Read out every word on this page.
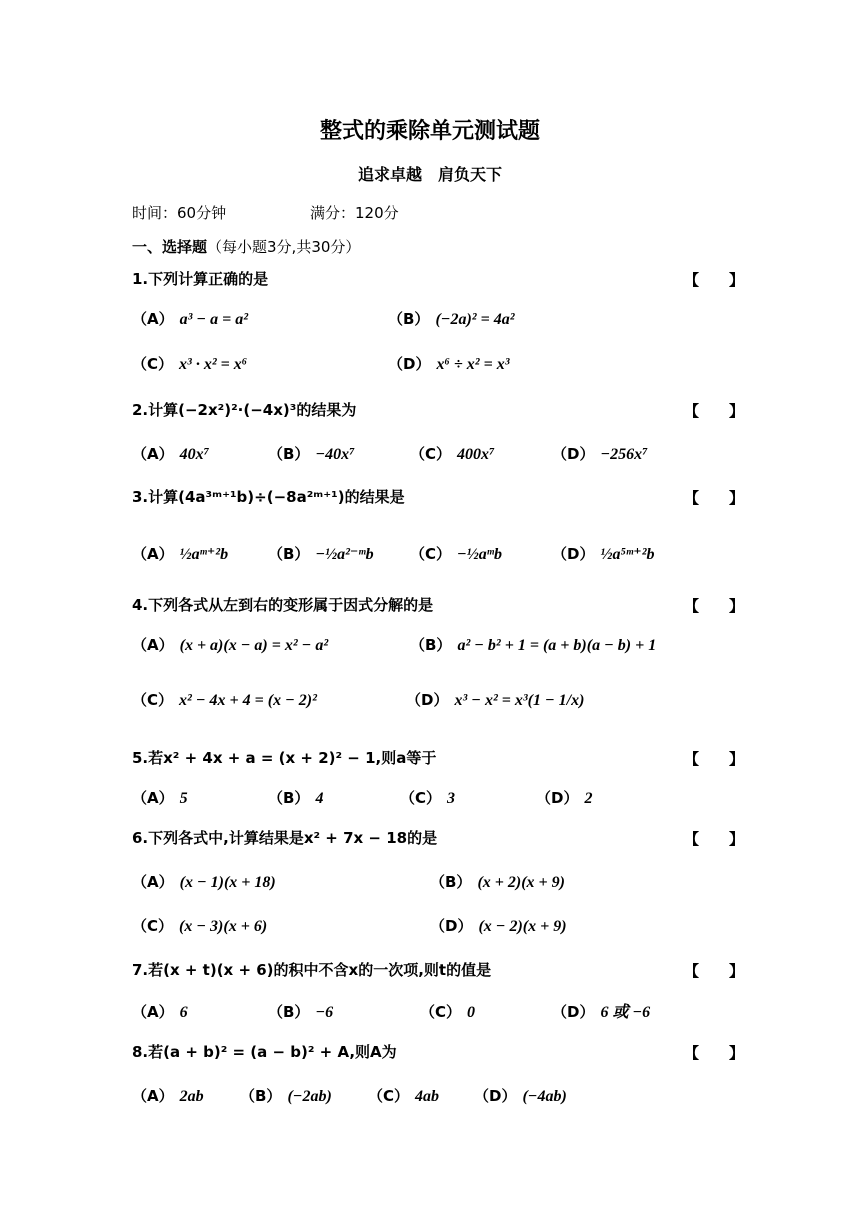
整式的乘除单元测试题
追求卓越　肩负天下
时间：60分钟	满分：120分
一、选择题（每小题3分,共30分）
1.下列计算正确的是	【　　】
（A） a³ − a = a²	（B） (−2a)² = 4a²
（C） x³ · x² = x⁶	（D） x⁶ ÷ x² = x³
2.计算(−2x²)²·(−4x)³的结果为	【　　】
（A） 40x⁷	（B） −40x⁷	（C） 400x⁷	（D） −256x⁷
3.计算(4a³ᵐ⁺¹b)÷(−8a²ᵐ⁺¹)的结果是	【　　】
（A） ½aᵐ⁺²b	（B） −½a²⁻ᵐb （C） −½aᵐb	（D） ½a⁵ᵐ⁺²b
4.下列各式从左到右的变形属于因式分解的是	【　　】
（A） (x + a)(x − a) = x² − a²	（B） a² − b² + 1 = (a + b)(a − b) + 1
（C） x² − 4x + 4 = (x − 2)²	（D） x³ − x² = x³(1 − 1/x)
5.若x² + 4x + a = (x + 2)² − 1,则a等于	【　　】
（A） 5	（B） 4	（C） 3	（D） 2
6.下列各式中,计算结果是x² + 7x − 18的是	【　　】
（A） (x − 1)(x + 18)	（B） (x + 2)(x + 9)
（C） (x − 3)(x + 6)	（D） (x − 2)(x + 9)
7.若(x + t)(x + 6)的积中不含x的一次项,则t的值是	【　　】
（A） 6	（B） −6	（C） 0	（D） 6 或 −6
8.若(a + b)² = (a − b)² + A,则A为	【　　】
（A） 2ab （B） (−2ab) （C） 4ab （D） (−4ab)
